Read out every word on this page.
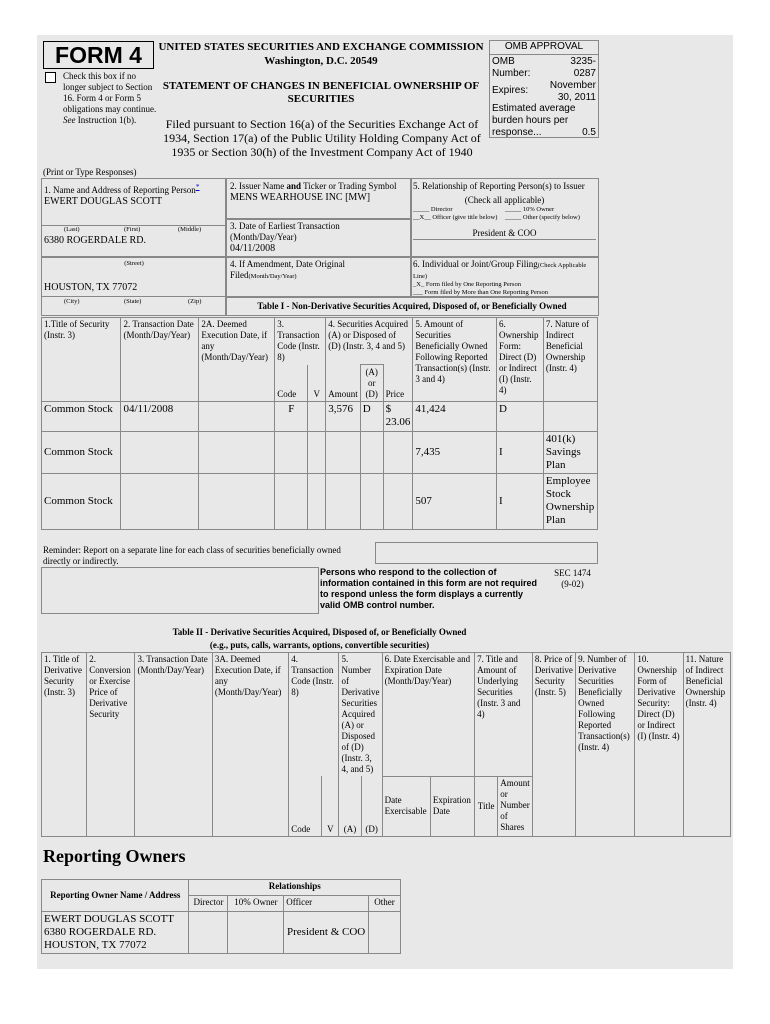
FORM 4
Check this box if no longer subject to Section 16. Form 4 or Form 5 obligations may continue. See Instruction 1(b).
UNITED STATES SECURITIES AND EXCHANGE COMMISSION
Washington, D.C. 20549
STATEMENT OF CHANGES IN BENEFICIAL OWNERSHIP OF SECURITIES
Filed pursuant to Section 16(a) of the Securities Exchange Act of 1934, Section 17(a) of the Public Utility Holding Company Act of 1935 or Section 30(h) of the Investment Company Act of 1940
OMB APPROVAL
OMB Number:
3235-0287
Expires:	November 30, 2011
Estimated average burden hours per response...	0.5
(Print or Type Responses)
1. Name and Address of Reporting Person*
EWERT DOUGLAS SCOTT
(Last)	(First)	(Middle)
6380 ROGERDALE RD.
(Street)
HOUSTON, TX 77072
(City)	(State)	(Zip)
2. Issuer Name and Ticker or Trading Symbol
MENS WEARHOUSE INC [MW]
3. Date of Earliest Transaction (Month/Day/Year)
04/11/2008
4. If Amendment, Date Original Filed(Month/Day/Year)
5. Relationship of Reporting Person(s) to Issuer
(Check all applicable)
_____ Director	_____ 10% Owner
__X__ Officer (give title below)	_____ Other (specify below)
President & COO
6. Individual or Joint/Group Filing(Check Applicable Line)
_X_ Form filed by One Reporting Person
___ Form filed by More than One Reporting Person
Table I - Non-Derivative Securities Acquired, Disposed of, or Beneficially Owned
1.Title of Security (Instr. 3)	2. Transaction Date (Month/Day/Year)	2A. Deemed Execution Date, if any (Month/Day/Year)	3. Transaction Code (Instr. 8)		4. Securities Acquired (A) or Disposed of (D) (Instr. 3, 4 and 5)			5. Amount of Securities Beneficially Owned Following Reported Transaction(s) (Instr. 3 and 4)	6. Ownership Form: Direct (D) or Indirect (I) (Instr. 4)	7. Nature of Indirect Beneficial Ownership (Instr. 4)
			Code	V	Amount	(A) or (D)	Price			
Common Stock	04/11/2008		F		3,576	D	$ 23.06	41,424	D	
Common Stock								7,435	I	401(k) Savings Plan
Common Stock								507	I	Employee Stock Ownership Plan
Reminder: Report on a separate line for each class of securities beneficially owned directly or indirectly.
Persons who respond to the collection of information contained in this form are not required to respond unless the form displays a currently valid OMB control number.
SEC 1474
(9-02)
Table II - Derivative Securities Acquired, Disposed of, or Beneficially Owned
(e.g., puts, calls, warrants, options, convertible securities)
1. Title of Derivative Security (Instr. 3)	2. Conversion or Exercise Price of Derivative Security	3. Transaction Date (Month/Day/Year)	3A. Deemed Execution Date, if any (Month/Day/Year)	4. Transaction Code (Instr. 8)		5. Number of Derivative Securities Acquired (A) or Disposed of (D) (Instr. 3, 4, and 5)		6. Date Exercisable and Expiration Date (Month/Day/Year)		7. Title and Amount of Underlying Securities (Instr. 3 and 4)		8. Price of Derivative Security (Instr. 5)	9. Number of Derivative Securities Beneficially Owned Following Reported Transaction(s) (Instr. 4)	10. Ownership Form of Derivative Security: Direct (D) or Indirect (I) (Instr. 4)	11. Nature of Indirect Beneficial Ownership (Instr. 4)
				Code	V	(A)	(D)	Date Exercisable	Expiration Date	Title	Amount or Number of Shares				
Reporting Owners
Reporting Owner Name / Address	Relationships			
	Director	10% Owner	Officer	Other

EWERT DOUGLAS SCOTT
6380 ROGERDALE RD.
HOUSTON, TX 77072			President & COO	
